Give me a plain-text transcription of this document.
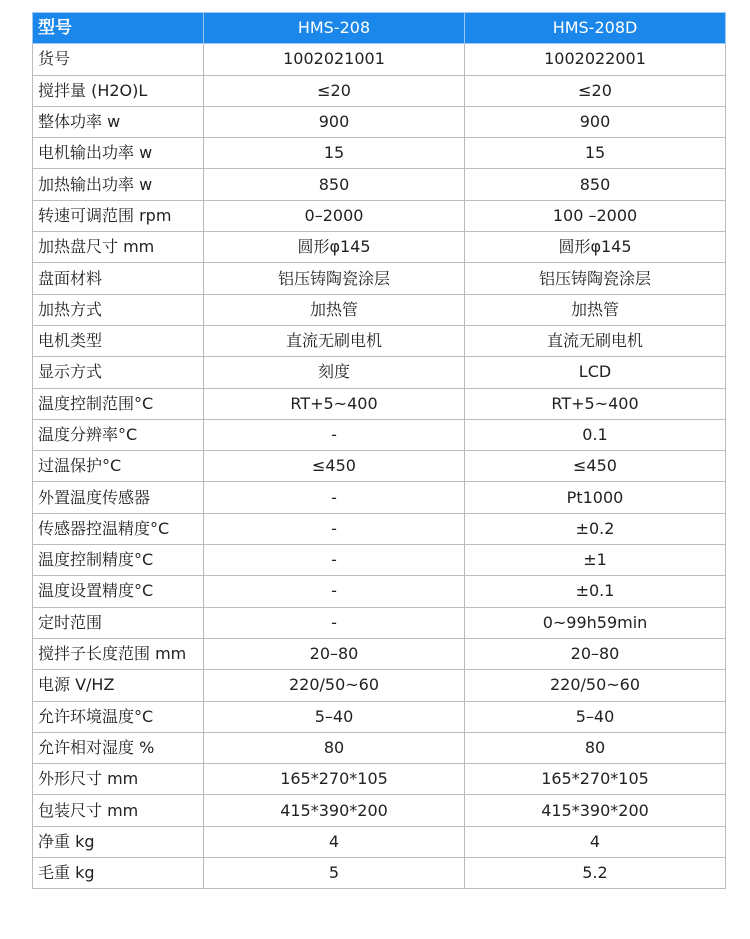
型号	HMS-208	HMS-208D
货号	1002021001	1002022001
搅拌量 (H2O)L	≤20	≤20
整体功率 w	900	900
电机输出功率 w	15	15
加热输出功率 w	850	850
转速可调范围 rpm	0–2000	100 –2000
加热盘尺寸 mm	圆形φ145	圆形φ145
盘面材料	铝压铸陶瓷涂层	铝压铸陶瓷涂层
加热方式	加热管	加热管
电机类型	直流无刷电机	直流无刷电机
显示方式	刻度	LCD
温度控制范围°C	RT+5~400	RT+5~400
温度分辨率°C	-	0.1
过温保护°C	≤450	≤450
外置温度传感器	-	Pt1000
传感器控温精度°C	-	±0.2
温度控制精度°C	-	±1
温度设置精度°C	-	±0.1
定时范围	-	0~99h59min
搅拌子长度范围 mm	20–80	20–80
电源 V/HZ	220/50~60	220/50~60
允许环境温度°C	5–40	5–40
允许相对湿度 %	80	80
外形尺寸 mm	165*270*105	165*270*105
包装尺寸 mm	415*390*200	415*390*200
净重 kg	4	4
毛重 kg	5	5.2
